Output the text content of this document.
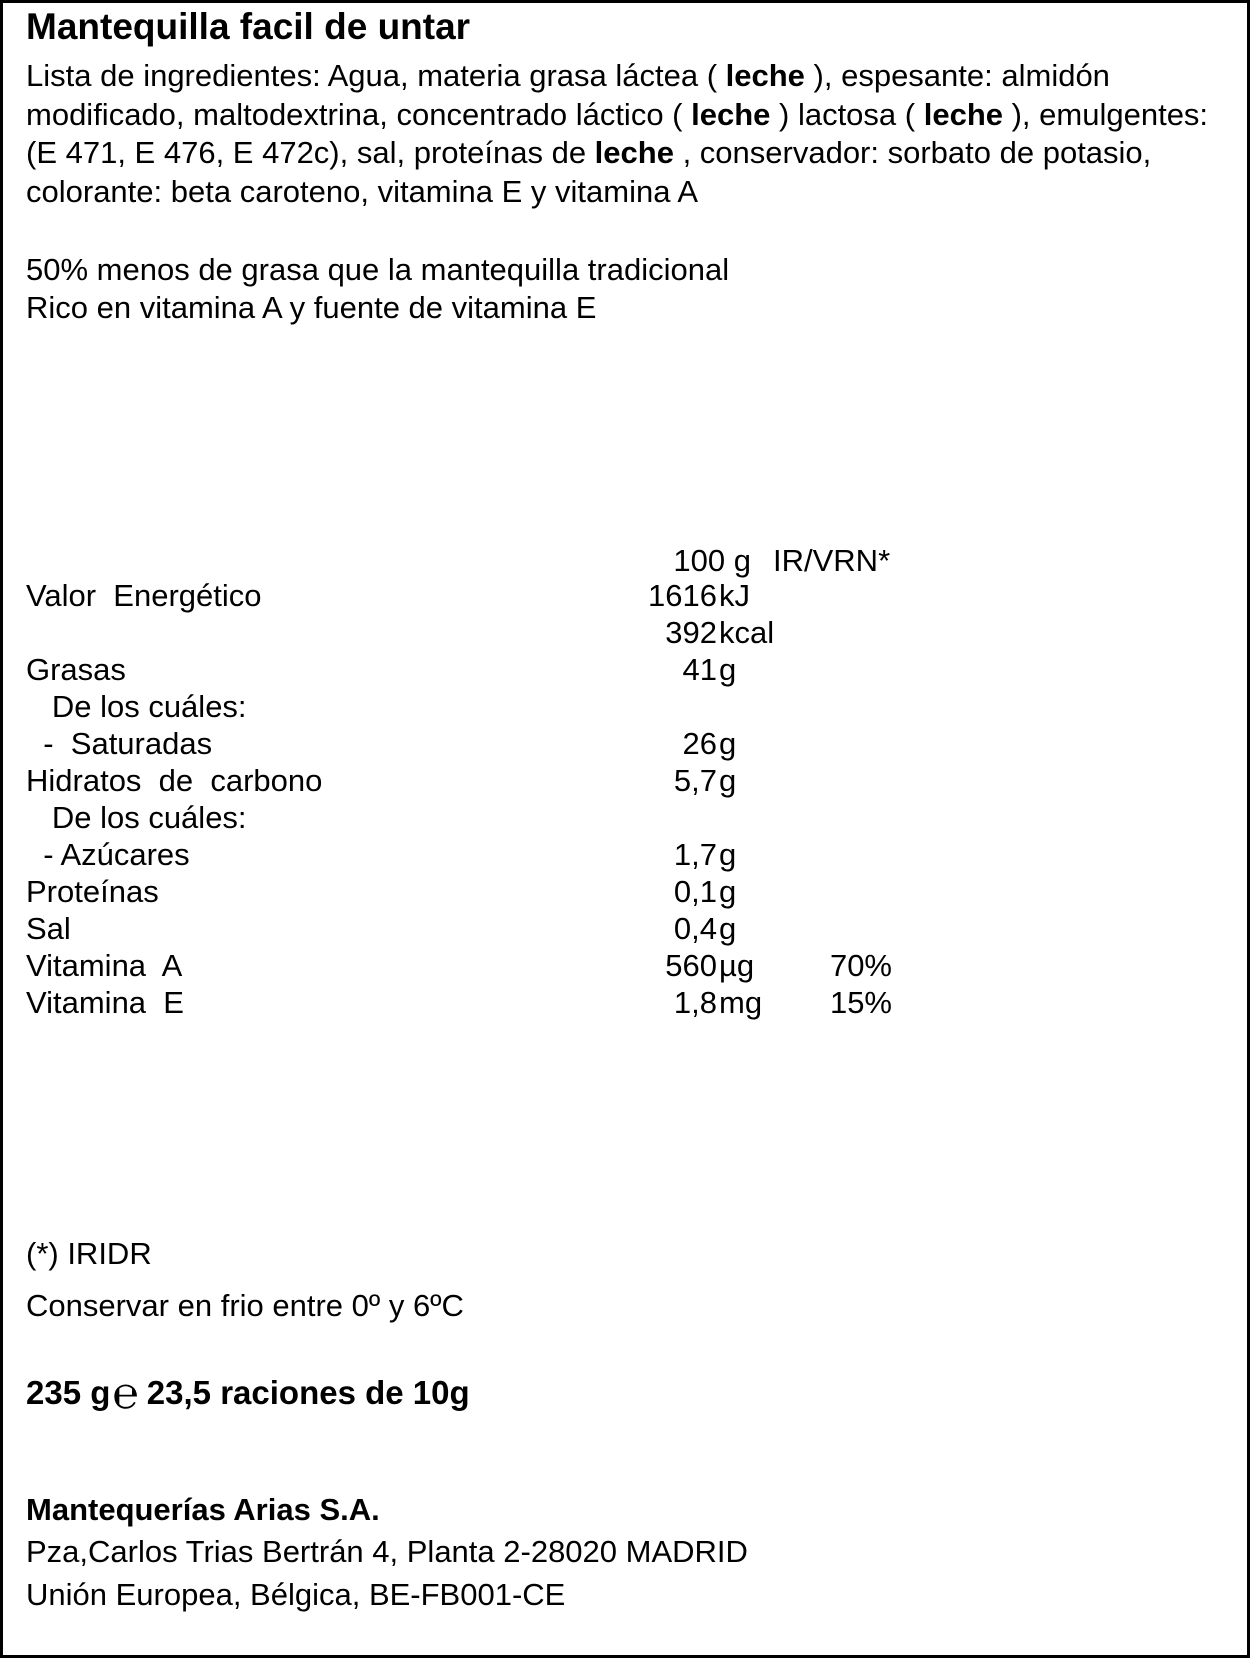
Mantequilla facil de untar
Lista de ingredientes: Agua, materia grasa láctea ( leche ), espesante: almidón modificado, maltodextrina, concentrado láctico ( leche ) lactosa ( leche ), emulgentes: (E 471, E 476, E 472c), sal, proteínas de leche , conservador: sorbato de potasio, colorante: beta caroteno, vitamina E y vitamina A
50% menos de grasa que la mantequilla tradicional
Rico en vitamina A y fuente de vitamina E
100 g IR/VRN*
Valor  Energético	1616 kJ
392 kcal
Grasas	41 g
De los cuáles:
-  Saturadas	26 g
Hidratos  de  carbono	5,7 g
De los cuáles:
- Azúcares	1,7 g
Proteínas	0,1 g
Sal	0,4 g
Vitamina  A	560 µg 70%
Vitamina  E	1,8 mg 15%
(*) IRIDR
Conservar en frio entre 0º y 6ºC
235 g℮ 23,5 raciones de 10g
Mantequerías Arias S.A.
Pza,Carlos Trias Bertrán 4, Planta 2-28020 MADRID
Unión Europea, Bélgica, BE-FB001-CE
